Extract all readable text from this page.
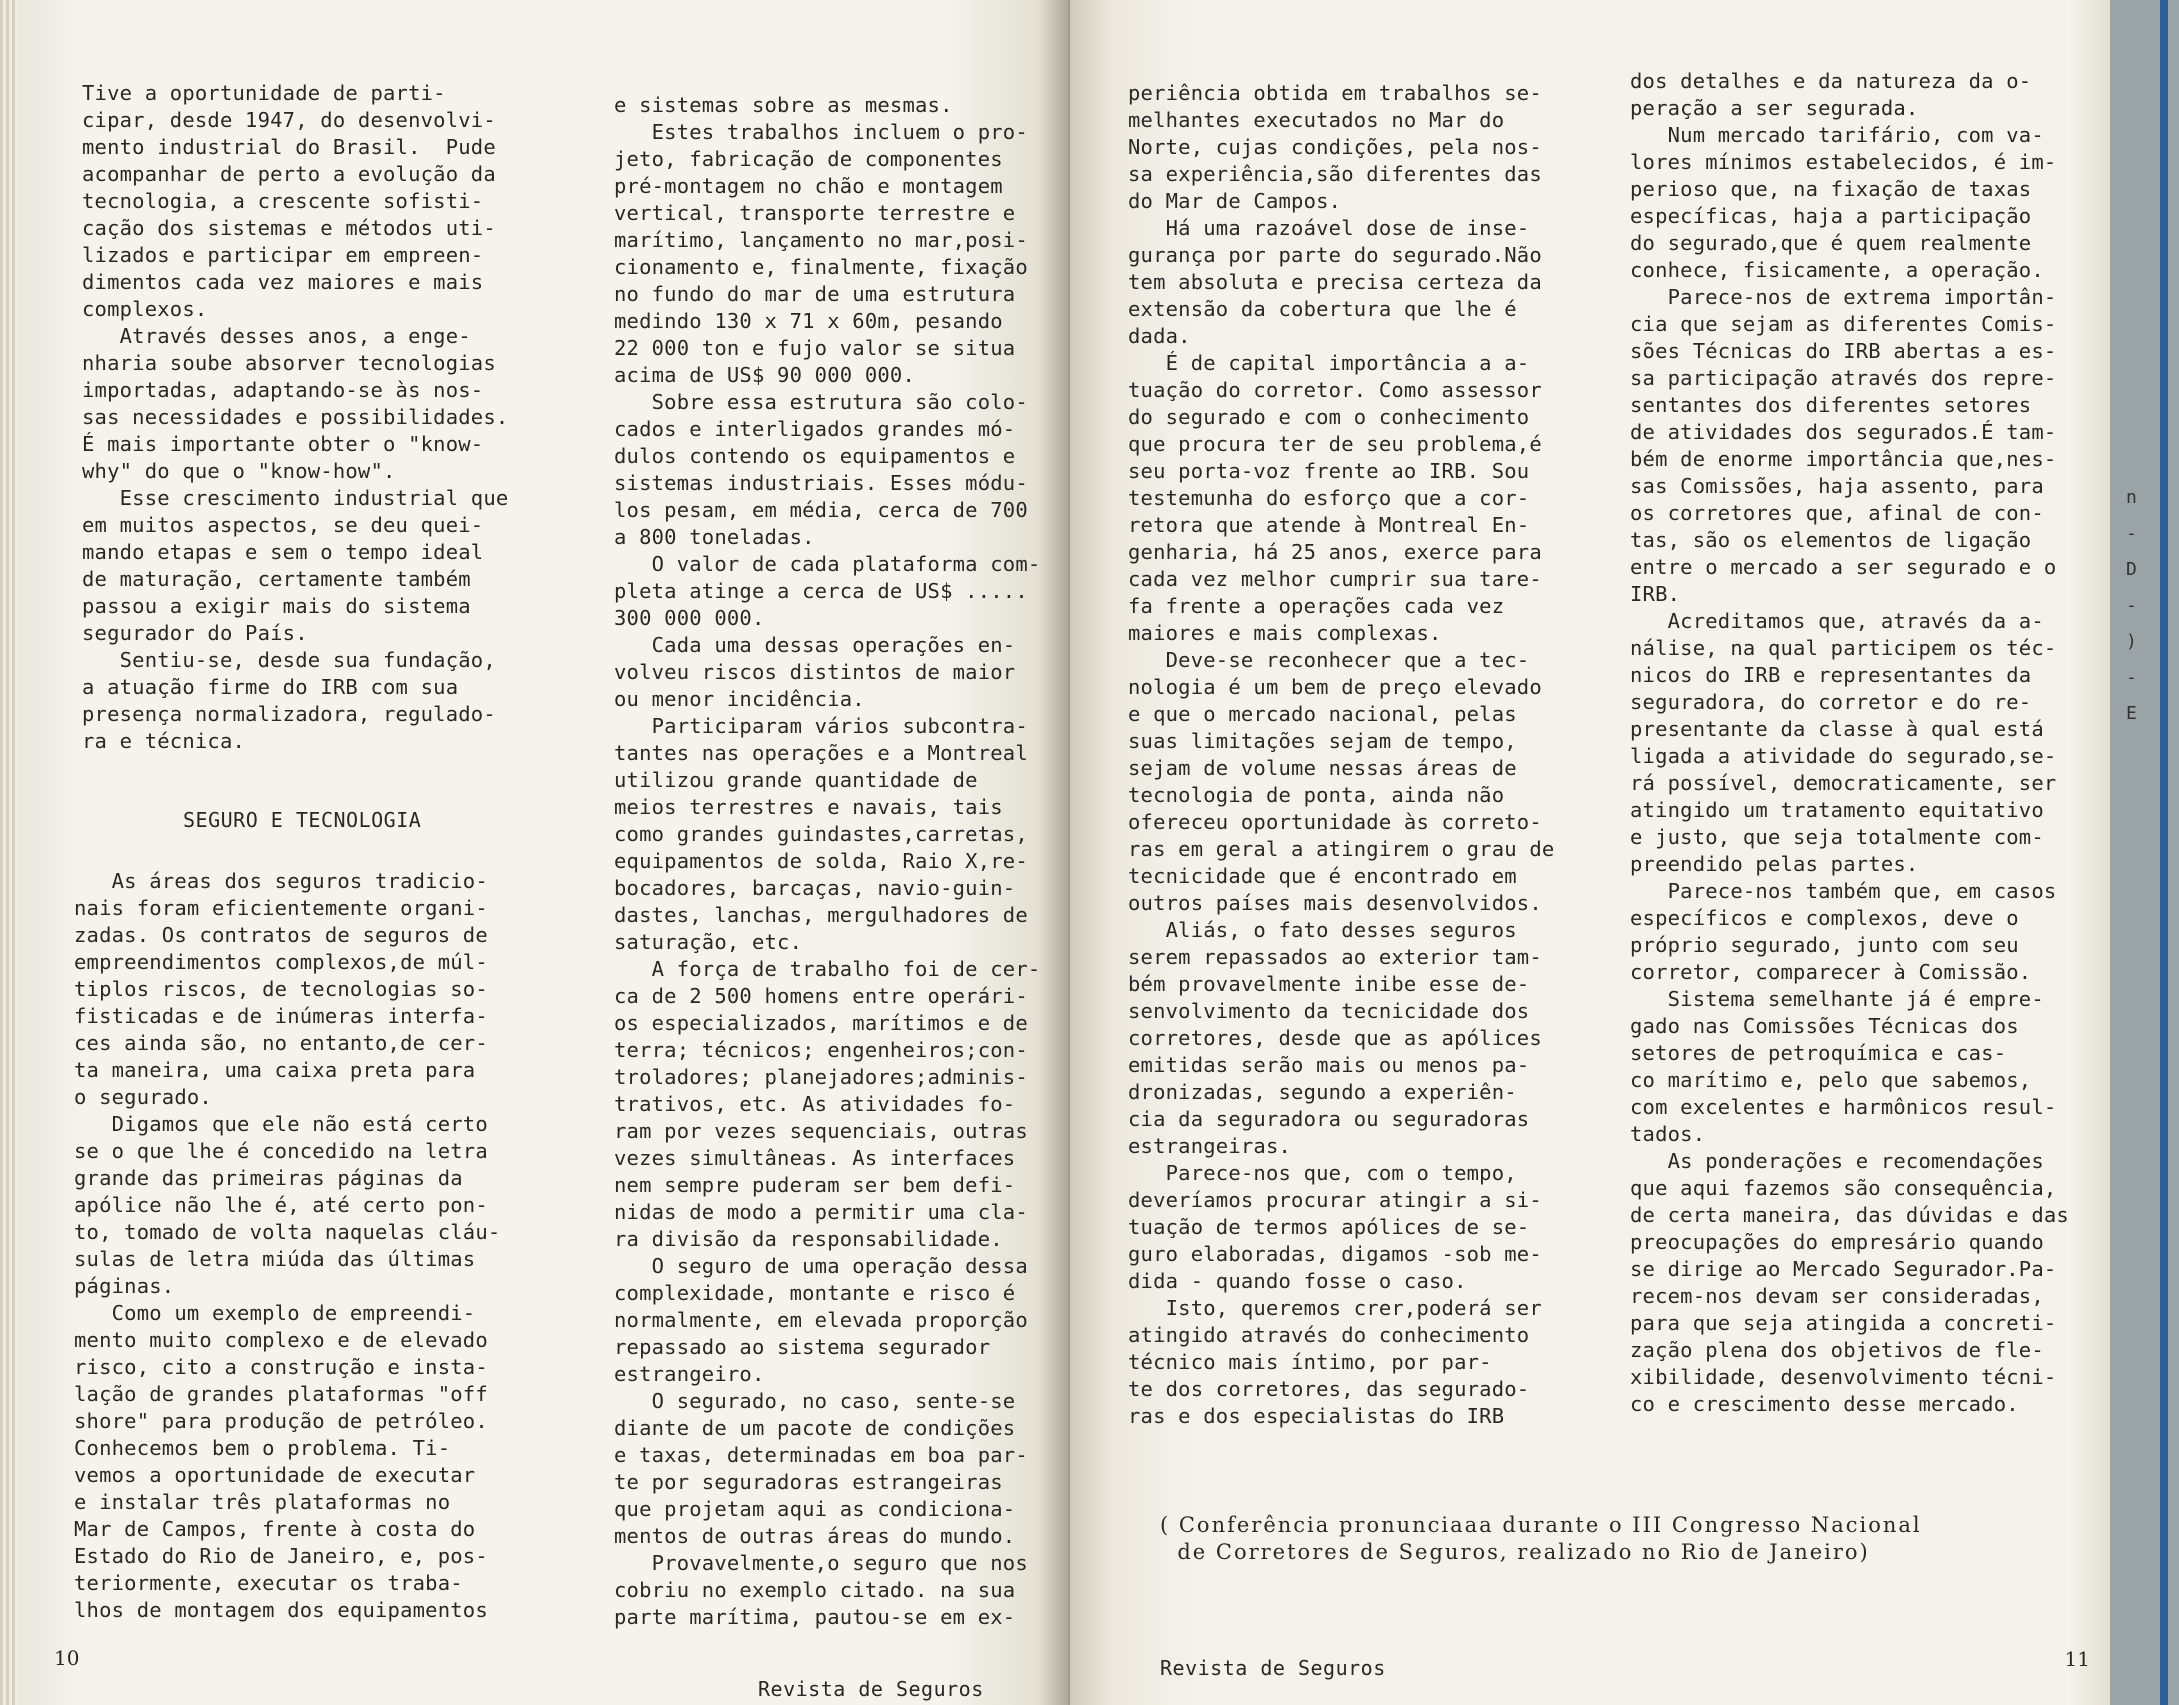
Tive a oportunidade de parti-
cipar, desde 1947, do desenvolvi-
mento industrial do Brasil.  Pude
acompanhar de perto a evolução da
tecnologia, a crescente sofisti-
cação dos sistemas e métodos uti-
lizados e participar em empreen-
dimentos cada vez maiores e mais
complexos.
Através desses anos, a enge-
nharia soube absorver tecnologias
importadas, adaptando-se às nos-
sas necessidades e possibilidades.
É mais importante obter o "know-
why" do que o "know-how".
Esse crescimento industrial que
em muitos aspectos, se deu quei-
mando etapas e sem o tempo ideal
de maturação, certamente também
passou a exigir mais do sistema
segurador do País.
Sentiu-se, desde sua fundação,
a atuação firme do IRB com sua
presença normalizadora, regulado-
ra e técnica.
SEGURO E TECNOLOGIA
As áreas dos seguros tradicio-
nais foram eficientemente organi-
zadas. Os contratos de seguros de
empreendimentos complexos,de múl-
tiplos riscos, de tecnologias so-
fisticadas e de inúmeras interfa-
ces ainda são, no entanto,de cer-
ta maneira, uma caixa preta para
o segurado.
Digamos que ele não está certo
se o que lhe é concedido na letra
grande das primeiras páginas da
apólice não lhe é, até certo pon-
to, tomado de volta naquelas cláu-
sulas de letra miúda das últimas
páginas.
Como um exemplo de empreendi-
mento muito complexo e de elevado
risco, cito a construção e insta-
lação de grandes plataformas "off
shore" para produção de petróleo.
Conhecemos bem o problema. Ti-
vemos a oportunidade de executar
e instalar três plataformas no
Mar de Campos, frente à costa do
Estado do Rio de Janeiro, e, pos-
teriormente, executar os traba-
lhos de montagem dos equipamentos
e sistemas sobre as mesmas.
Estes trabalhos incluem o pro-
jeto, fabricação de componentes
pré-montagem no chão e montagem
vertical, transporte terrestre e
marítimo, lançamento no mar,posi-
cionamento e, finalmente, fixação
no fundo do mar de uma estrutura
medindo 130 x 71 x 60m, pesando
22 000 ton e fujo valor se situa
acima de US$ 90 000 000.
Sobre essa estrutura são colo-
cados e interligados grandes mó-
dulos contendo os equipamentos e
sistemas industriais. Esses módu-
los pesam, em média, cerca de 700
a 800 toneladas.
O valor de cada plataforma com-
pleta atinge a cerca de US$ .....
300 000 000.
Cada uma dessas operações en-
volveu riscos distintos de maior
ou menor incidência.
Participaram vários subcontra-
tantes nas operações e a Montreal
utilizou grande quantidade de
meios terrestres e navais, tais
como grandes guindastes,carretas,
equipamentos de solda, Raio X,re-
bocadores, barcaças, navio-guin-
dastes, lanchas, mergulhadores de
saturação, etc.
A força de trabalho foi de cer-
ca de 2 500 homens entre operári-
os especializados, marítimos e de
terra; técnicos; engenheiros;con-
troladores; planejadores;adminis-
trativos, etc. As atividades fo-
ram por vezes sequenciais, outras
vezes simultâneas. As interfaces
nem sempre puderam ser bem defi-
nidas de modo a permitir uma cla-
ra divisão da responsabilidade.
O seguro de uma operação dessa
complexidade, montante e risco é
normalmente, em elevada proporção
repassado ao sistema segurador
estrangeiro.
O segurado, no caso, sente-se
diante de um pacote de condições
e taxas, determinadas em boa par-
te por seguradoras estrangeiras
que projetam aqui as condiciona-
mentos de outras áreas do mundo.
Provavelmente,o seguro que nos
cobriu no exemplo citado. na sua
parte marítima, pautou-se em ex-
10
Revista de Seguros
periência obtida em trabalhos se-
melhantes executados no Mar do
Norte, cujas condições, pela nos-
sa experiência,são diferentes das
do Mar de Campos.
Há uma razoável dose de inse-
gurança por parte do segurado.Não
tem absoluta e precisa certeza da
extensão da cobertura que lhe é
dada.
É de capital importância a a-
tuação do corretor. Como assessor
do segurado e com o conhecimento
que procura ter de seu problema,é
seu porta-voz frente ao IRB. Sou
testemunha do esforço que a cor-
retora que atende à Montreal En-
genharia, há 25 anos, exerce para
cada vez melhor cumprir sua tare-
fa frente a operações cada vez
maiores e mais complexas.
Deve-se reconhecer que a tec-
nologia é um bem de preço elevado
e que o mercado nacional, pelas
suas limitações sejam de tempo,
sejam de volume nessas áreas de
tecnologia de ponta, ainda não
ofereceu oportunidade às correto-
ras em geral a atingirem o grau de
tecnicidade que é encontrado em
outros países mais desenvolvidos.
Aliás, o fato desses seguros
serem repassados ao exterior tam-
bém provavelmente inibe esse de-
senvolvimento da tecnicidade dos
corretores, desde que as apólices
emitidas serão mais ou menos pa-
dronizadas, segundo a experiên-
cia da seguradora ou seguradoras
estrangeiras.
Parece-nos que, com o tempo,
deveríamos procurar atingir a si-
tuação de termos apólices de se-
guro elaboradas, digamos -sob me-
dida - quando fosse o caso.
Isto, queremos crer,poderá ser
atingido através do conhecimento
técnico mais íntimo, por par-
te dos corretores, das segurado-
ras e dos especialistas do IRB
dos detalhes e da natureza da o-
peração a ser segurada.
Num mercado tarifário, com va-
lores mínimos estabelecidos, é im-
perioso que, na fixação de taxas
específicas, haja a participação
do segurado,que é quem realmente
conhece, fisicamente, a operação.
Parece-nos de extrema importân-
cia que sejam as diferentes Comis-
sões Técnicas do IRB abertas a es-
sa participação através dos repre-
sentantes dos diferentes setores
de atividades dos segurados.É tam-
bém de enorme importância que,nes-
sas Comissões, haja assento, para
os corretores que, afinal de con-
tas, são os elementos de ligação
entre o mercado a ser segurado e o
IRB.
Acreditamos que, através da a-
nálise, na qual participem os téc-
nicos do IRB e representantes da
seguradora, do corretor e do re-
presentante da classe à qual está
ligada a atividade do segurado,se-
rá possível, democraticamente, ser
atingido um tratamento equitativo
e justo, que seja totalmente com-
preendido pelas partes.
Parece-nos também que, em casos
específicos e complexos, deve o
próprio segurado, junto com seu
corretor, comparecer à Comissão.
Sistema semelhante já é empre-
gado nas Comissões Técnicas dos
setores de petroquímica e cas-
co marítimo e, pelo que sabemos,
com excelentes e harmônicos resul-
tados.
As ponderações e recomendações
que aqui fazemos são consequência,
de certa maneira, das dúvidas e das
preocupações do empresário quando
se dirige ao Mercado Segurador.Pa-
recem-nos devam ser consideradas,
para que seja atingida a concreti-
zação plena dos objetivos de fle-
xibilidade, desenvolvimento técni-
co e crescimento desse mercado.
( Conferência pronunciaaa durante o III Congresso Nacional
de Corretores de Seguros, realizado no Rio de Janeiro)
Revista de Seguros	11
n
-
D
-
)
-
E
